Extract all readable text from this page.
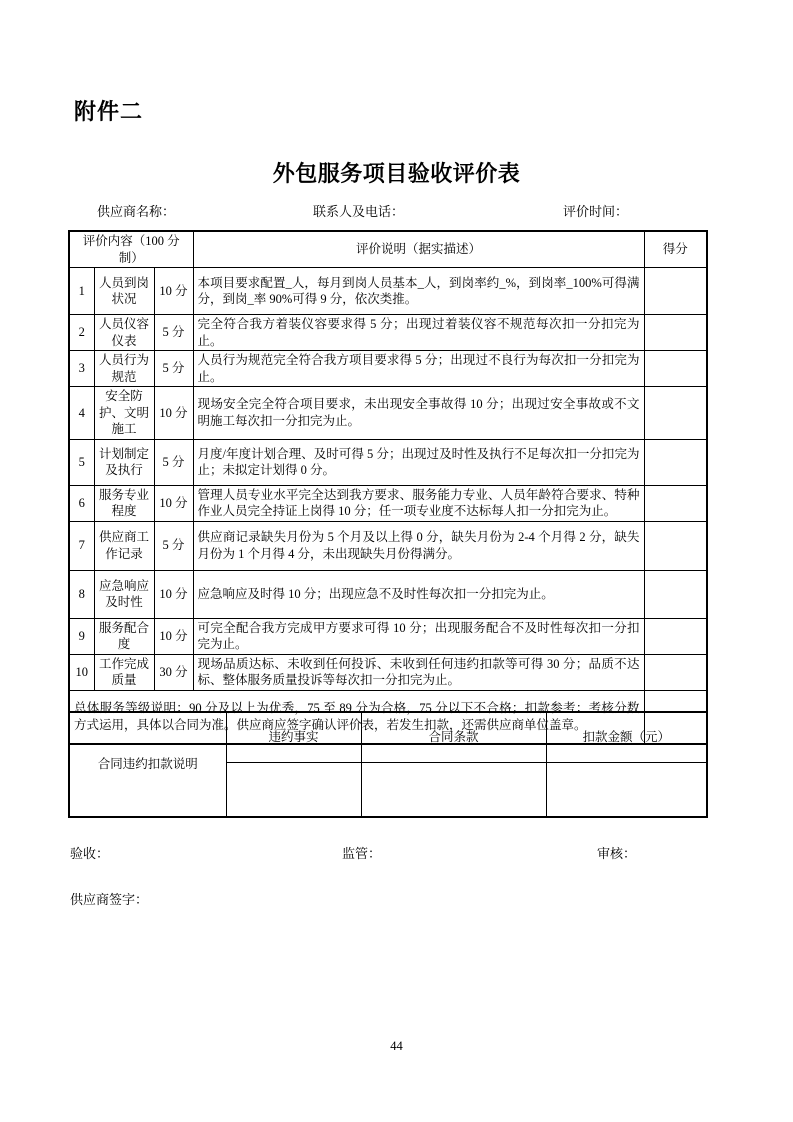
附件二
外包服务项目验收评价表
供应商名称：	联系人及电话：	评价时间：
评价内容（100 分制）			评价说明（据实描述）	得分
1	人员到岗状况	10 分	本项目要求配置_人，每月到岗人员基本_人，到岗率约_%，到岗率_100%可得满分，到岗_率 90%可得 9 分，依次类推。	
2	人员仪容仪表	5 分	完全符合我方着装仪容要求得 5 分；出现过着装仪容不规范每次扣一分扣完为止。	
3	人员行为规范	5 分	人员行为规范完全符合我方项目要求得 5 分；出现过不良行为每次扣一分扣完为止。	
4	安全防护、文明施工	10 分	现场安全完全符合项目要求，未出现安全事故得 10 分；出现过安全事故或不文明施工每次扣一分扣完为止。	
5	计划制定及执行	5 分	月度/年度计划合理、及时可得 5 分；出现过及时性及执行不足每次扣一分扣完为止；未拟定计划得 0 分。	
6	服务专业程度	10 分	管理人员专业水平完全达到我方要求、服务能力专业、人员年龄符合要求、特种作业人员完全持证上岗得 10 分；任一项专业度不达标每人扣一分扣完为止。	
7	供应商工作记录	5 分	供应商记录缺失月份为 5 个月及以上得 0 分，缺失月份为 2-4 个月得 2 分，缺失月份为 1 个月得 4 分，未出现缺失月份得满分。	
8	应急响应及时性	10 分	应急响应及时得 10 分；出现应急不及时性每次扣一分扣完为止。	
9	服务配合度	10 分	可完全配合我方完成甲方要求可得 10 分；出现服务配合不及时性每次扣一分扣完为止。	
10	工作完成质量	30 分	现场品质达标、未收到任何投诉、未收到任何违约扣款等可得 30 分；品质不达标、整体服务质量投诉等每次扣一分扣完为止。	
总体服务等级说明：90 分及以上为优秀，75 至 89 分为合格，75 分以下不合格；扣款参考：考核分数方式运用，具体以合同为准。供应商应签字确认评价表，若发生扣款，还需供应商单位盖章。				
合同违约扣款说明	违约事实	合同条款	扣款金额（元）

验收：	监管：	审核：
供应商签字：
44
